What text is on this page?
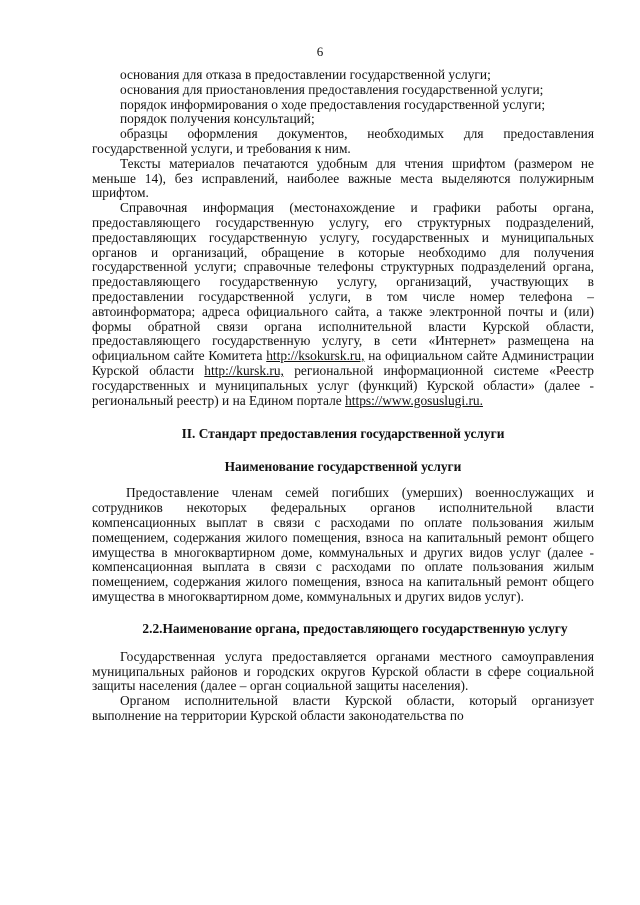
6

основания для отказа в предоставлении государственной услуги;

основания для приостановления предоставления государственной услуги;

порядок информирования о ходе предоставления государственной услуги;

порядок получения консультаций;

образцы оформления документов, необходимых для предоставления государственной услуги, и требования к ним.

Тексты материалов печатаются удобным для чтения шрифтом (размером не меньше 14), без исправлений, наиболее важные места выделяются полужирным шрифтом.

Справочная информация (местонахождение и графики работы органа, предоставляющего государственную услугу, его структурных подразделений, предоставляющих государственную услугу, государственных и муниципальных органов и организаций, обращение в которые необходимо для получения государственной услуги; справочные телефоны структурных подразделений органа, предоставляющего государственную услугу, организаций, участвующих в предоставлении государственной услуги, в том числе номер телефона – автоинформатора; адреса официального сайта, а также электронной почты и (или) формы обратной связи органа исполнительной власти Курской области, предоставляющего государственную услугу, в сети «Интернет» размещена на официальном сайте Комитета http://ksokursk.ru, на официальном сайте Администрации Курской области http://kursk.ru, региональной информационной системе «Реестр государственных и муниципальных услуг (функций) Курской области» (далее - региональный реестр) и на Едином портале https://www.gosuslugi.ru.

II. Стандарт предоставления государственной услуги
Наименование государственной услуги

Предоставление членам семей погибших (умерших) военнослужащих и сотрудников некоторых федеральных органов исполнительной власти компенсационных выплат в связи с расходами по оплате пользования жилым помещением, содержания жилого помещения, взноса на капитальный ремонт общего имущества в многоквартирном доме, коммунальных и других видов услуг (далее - компенсационная выплата в связи с расходами по оплате пользования жилым помещением, содержания жилого помещения, взноса на капитальный ремонт общего имущества в многоквартирном доме, коммунальных и других видов услуг).

2.2.Наименование органа, предоставляющего государственную услугу

Государственная услуга предоставляется органами местного самоуправления муниципальных районов и городских округов Курской области в сфере социальной защиты населения (далее – орган социальной защиты населения).

Органом исполнительной власти Курской области, который организует выполнение на территории Курской области законодательства по
